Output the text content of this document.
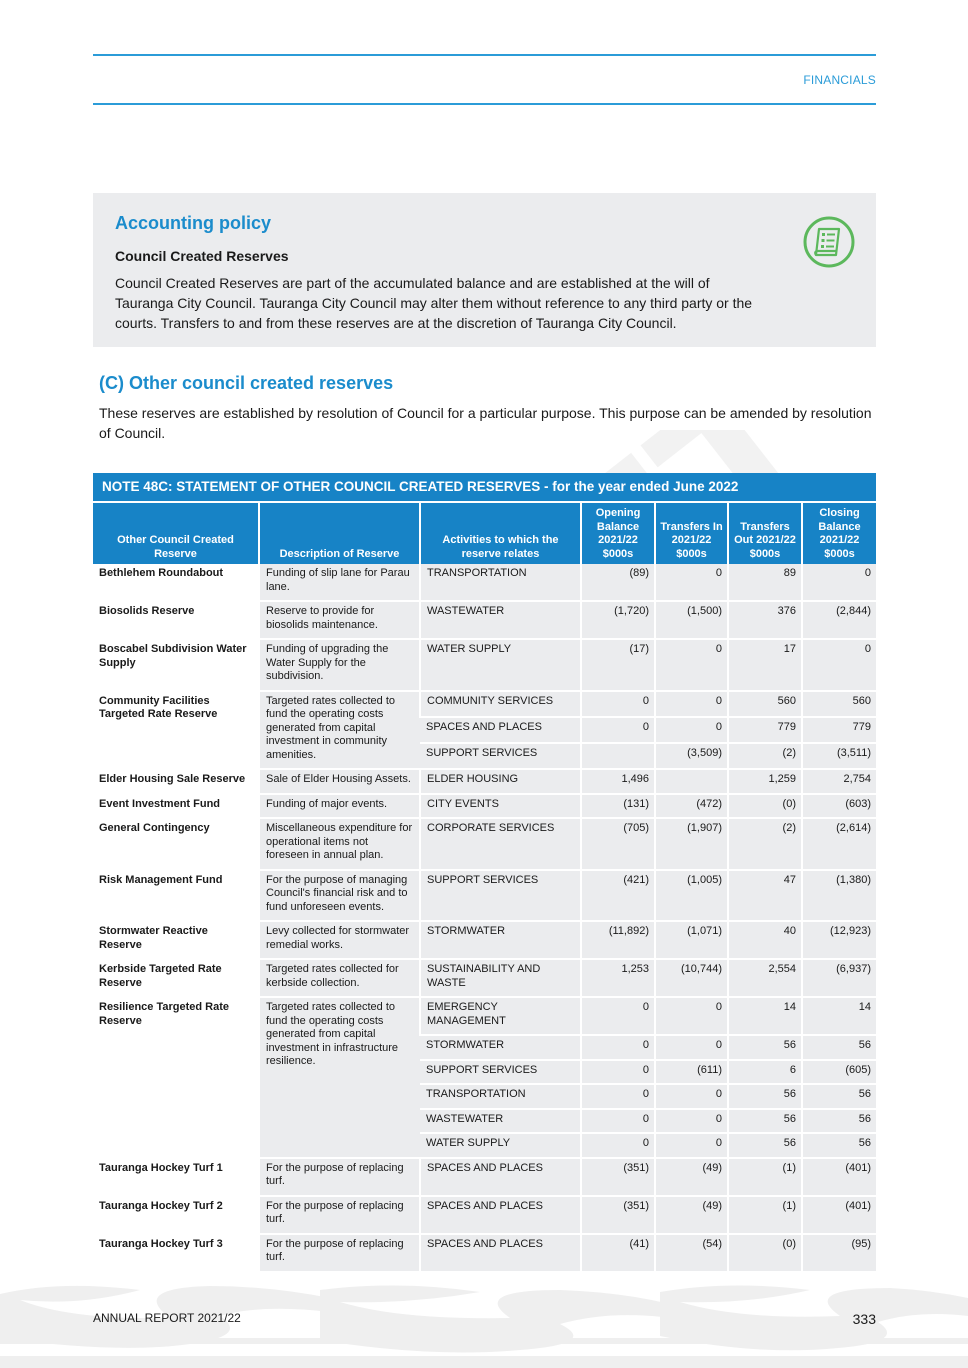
FINANCIALS
Accounting policy

Council Created Reserves

Council Created Reserves are part of the accumulated balance and are established at the will of Tauranga City Council. Tauranga City Council may alter them without reference to any third party or the courts. Transfers to and from these reserves are at the discretion of Tauranga City Council.

(C) Other council created reserves
These reserves are established by resolution of Council for a particular purpose. This purpose can be amended by resolution of Council.
NOTE 48C: STATEMENT OF OTHER COUNCIL CREATED RESERVES - for the year ended June 2022
Other Council Created Reserve	Description of Reserve	Activities to which the reserve relates	Opening Balance 2021/22 $000s	Transfers In 2021/22 $000s	Transfers Out 2021/22 $000s	Closing Balance 2021/22 $000s
Bethlehem Roundabout	Funding of slip lane for Parau lane.	TRANSPORTATION	(89)	0	89	0
Biosolids Reserve	Reserve to provide for biosolids maintenance.	WASTEWATER	(1,720)	(1,500)	376	(2,844)
Boscabel Subdivision Water Supply	Funding of upgrading the Water Supply for the subdivision.	WATER SUPPLY	(17)	0	17	0
Community Facilities Targeted Rate Reserve	Targeted rates collected to fund the operating costs generated from capital investment in community amenities.	COMMUNITY SERVICES	0	0	560	560
		SPACES AND PLACES	0	0	779	779
		SUPPORT SERVICES		(3,509)	(2)	(3,511)
Elder Housing Sale Reserve	Sale of Elder Housing Assets.	ELDER HOUSING	1,496		1,259	2,754
Event Investment Fund	Funding of major events.	CITY EVENTS	(131)	(472)	(0)	(603)
General Contingency	Miscellaneous expenditure for operational items not foreseen in annual plan.	CORPORATE SERVICES	(705)	(1,907)	(2)	(2,614)
Risk Management Fund	For the purpose of managing Council's financial risk and to fund unforeseen events.	SUPPORT SERVICES	(421)	(1,005)	47	(1,380)
Stormwater Reactive Reserve	Levy collected for stormwater remedial works.	STORMWATER	(11,892)	(1,071)	40	(12,923)
Kerbside Targeted Rate Reserve	Targeted rates collected for kerbside collection.	SUSTAINABILITY AND WASTE	1,253	(10,744)	2,554	(6,937)
Resilience Targeted Rate Reserve	Targeted rates collected to fund the operating costs generated from capital investment in infrastructure resilience.	EMERGENCY MANAGEMENT	0	0	14	14
		STORMWATER	0	0	56	56
		SUPPORT SERVICES	0	(611)	6	(605)
		TRANSPORTATION	0	0	56	56
		WASTEWATER	0	0	56	56
		WATER SUPPLY	0	0	56	56
Tauranga Hockey Turf 1	For the purpose of replacing turf.	SPACES AND PLACES	(351)	(49)	(1)	(401)
Tauranga Hockey Turf 2	For the purpose of replacing turf.	SPACES AND PLACES	(351)	(49)	(1)	(401)
Tauranga Hockey Turf 3	For the purpose of replacing turf.	SPACES AND PLACES	(41)	(54)	(0)	(95)
ANNUAL REPORT 2021/22	333
